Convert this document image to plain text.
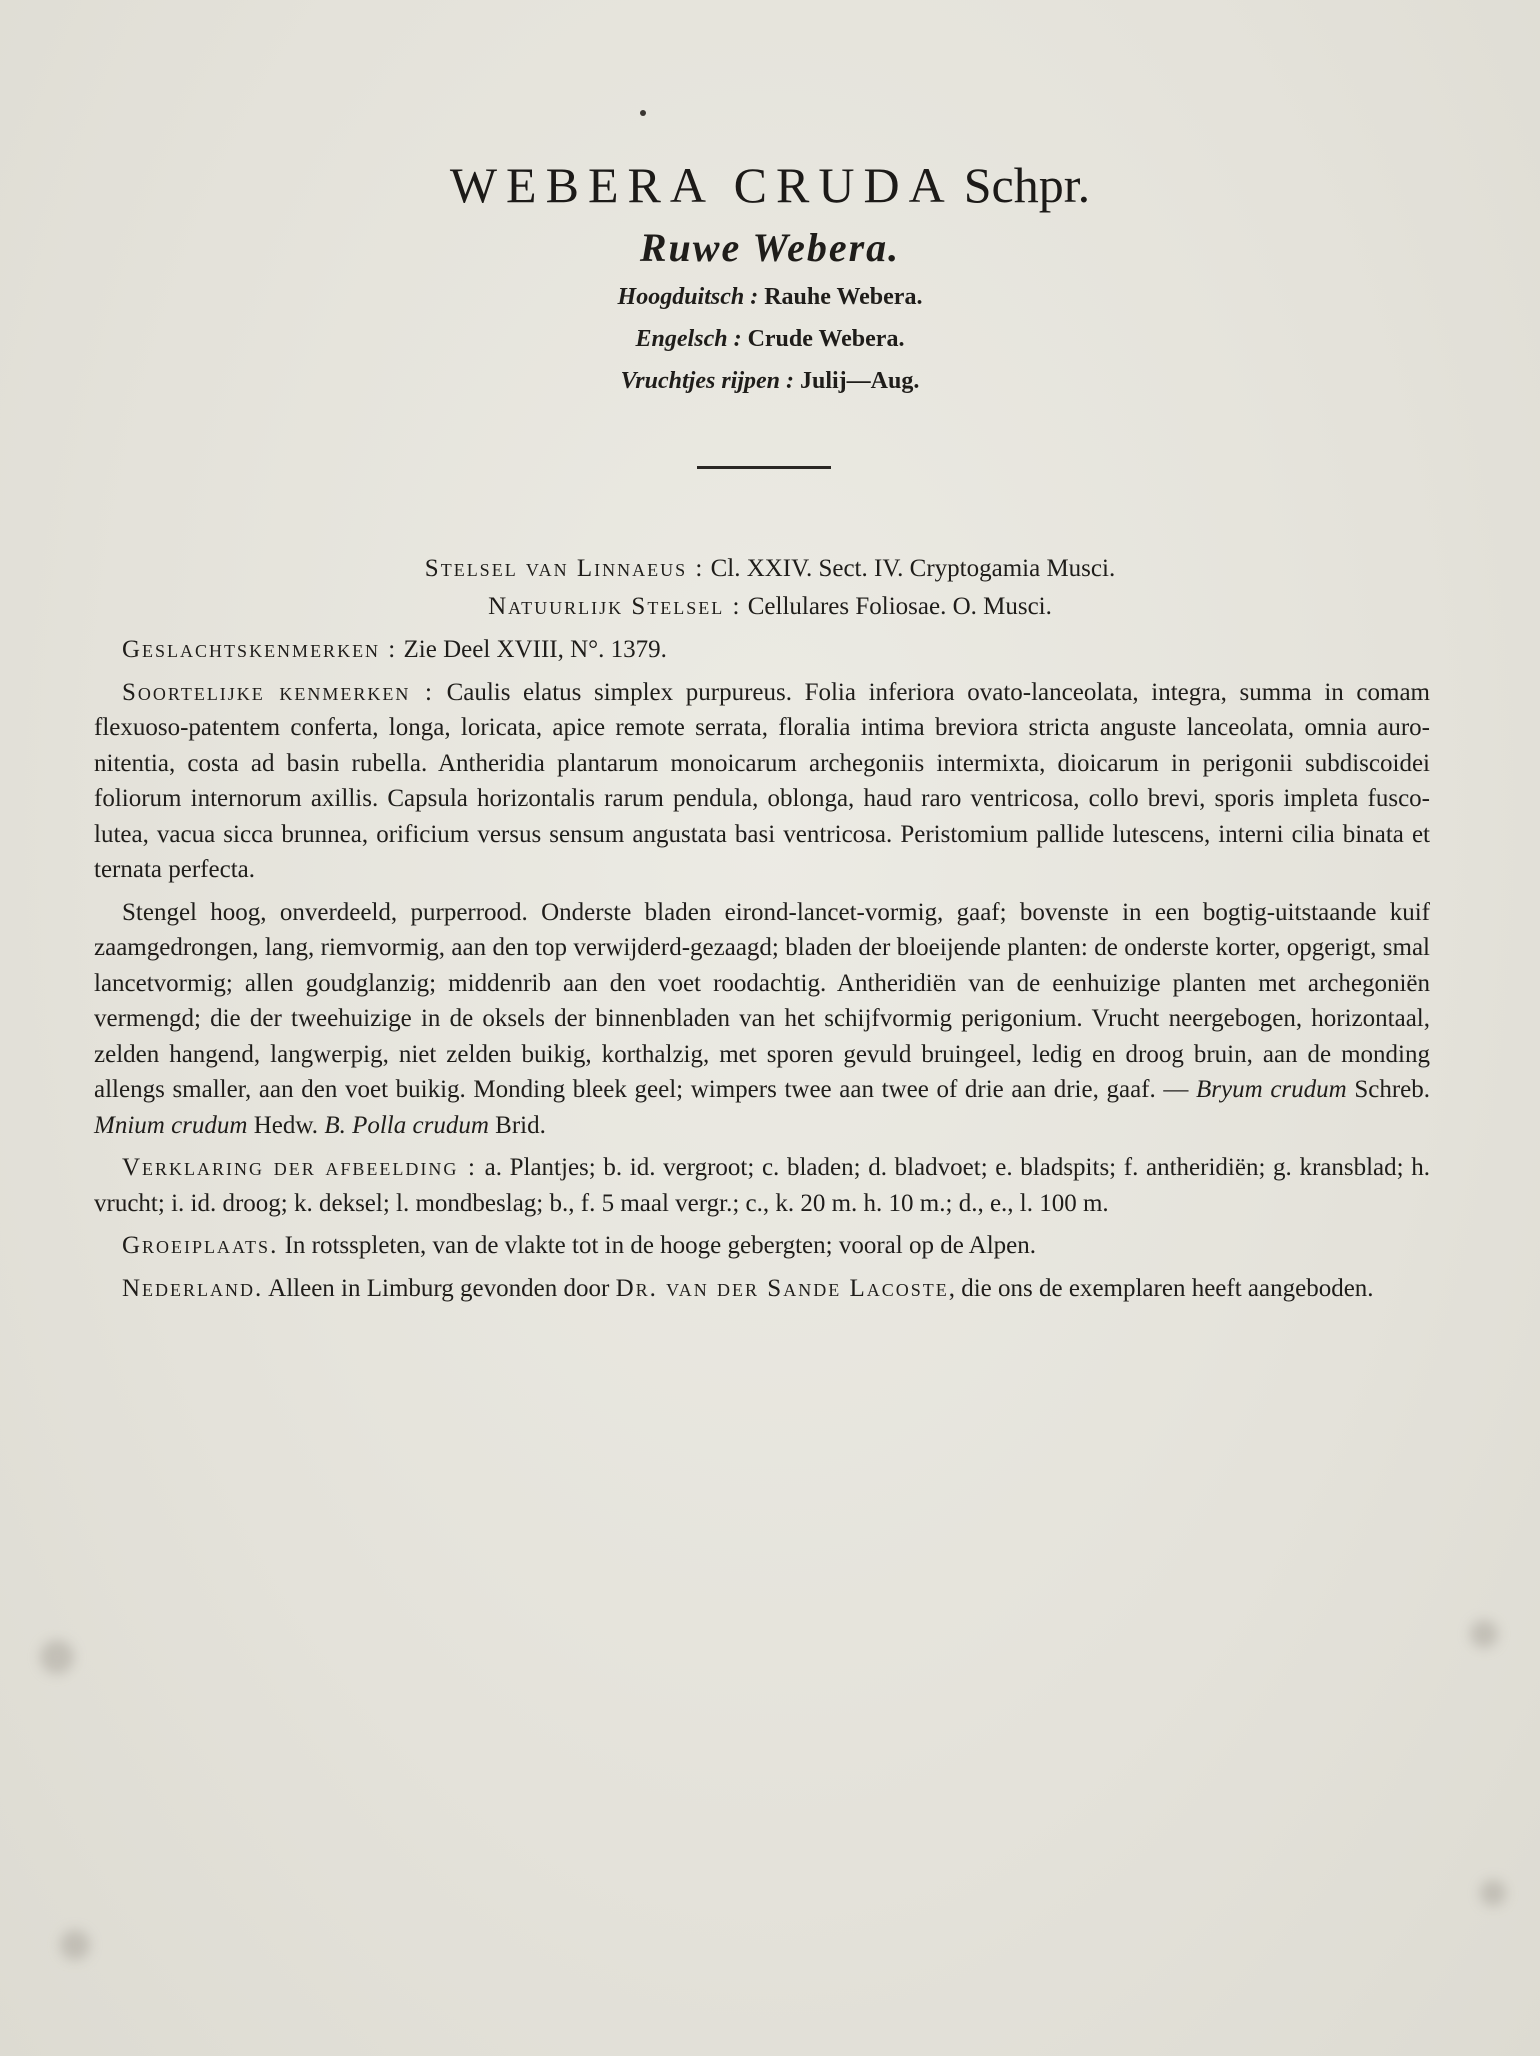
WEBERA CRUDA Schpr.
Ruwe Webera.
Hoogduitsch : Rauhe Webera.
Engelsch : Crude Webera.
Vruchtjes rijpen : Julij—Aug.
Stelsel van Linnaeus : Cl. XXIV. Sect. IV. Cryptogamia Musci.
Natuurlijk Stelsel : Cellulares Foliosae. O. Musci.

Geslachtskenmerken : Zie Deel XVIII, N°. 1379.

Soortelijke kenmerken : Caulis elatus simplex purpureus. Folia inferiora ovato-lanceolata, integra, summa in comam flexuoso-patentem conferta, longa, loricata, apice remote serrata, floralia intima breviora stricta anguste lanceolata, omnia auro-nitentia, costa ad basin rubella. Antheridia plantarum monoicarum archegoniis intermixta, dioicarum in perigonii subdiscoidei foliorum internorum axillis. Capsula horizontalis rarum pendula, oblonga, haud raro ventricosa, collo brevi, sporis impleta fusco-lutea, vacua sicca brunnea, orificium versus sensum angustata basi ventricosa. Peristomium pallide lutescens, interni cilia binata et ternata perfecta.

Stengel hoog, onverdeeld, purperrood. Onderste bladen eirond-lancet-vormig, gaaf; bovenste in een bogtig-uitstaande kuif zaamgedrongen, lang, riemvormig, aan den top verwijderd-gezaagd; bladen der bloeijende planten: de onderste korter, opgerigt, smal lancetvormig; allen goudglanzig; middenrib aan den voet roodachtig. Antheridiën van de eenhuizige planten met archegoniën vermengd; die der tweehuizige in de oksels der binnenbladen van het schijfvormig perigonium. Vrucht neergebogen, horizontaal, zelden hangend, langwerpig, niet zelden buikig, korthalzig, met sporen gevuld bruingeel, ledig en droog bruin, aan de monding allengs smaller, aan den voet buikig. Monding bleek geel; wimpers twee aan twee of drie aan drie, gaaf. — Bryum crudum Schreb. Mnium crudum Hedw. B. Polla crudum Brid.

Verklaring der afbeelding : a. Plantjes; b. id. vergroot; c. bladen; d. bladvoet; e. bladspits; f. antheridiën; g. kransblad; h. vrucht; i. id. droog; k. deksel; l. mondbeslag; b., f. 5 maal vergr.; c., k. 20 m. h. 10 m.; d., e., l. 100 m.

Groeiplaats. In rotsspleten, van de vlakte tot in de hooge gebergten; vooral op de Alpen.

Nederland. Alleen in Limburg gevonden door Dr. van der Sande Lacoste, die ons de exemplaren heeft aangeboden.
